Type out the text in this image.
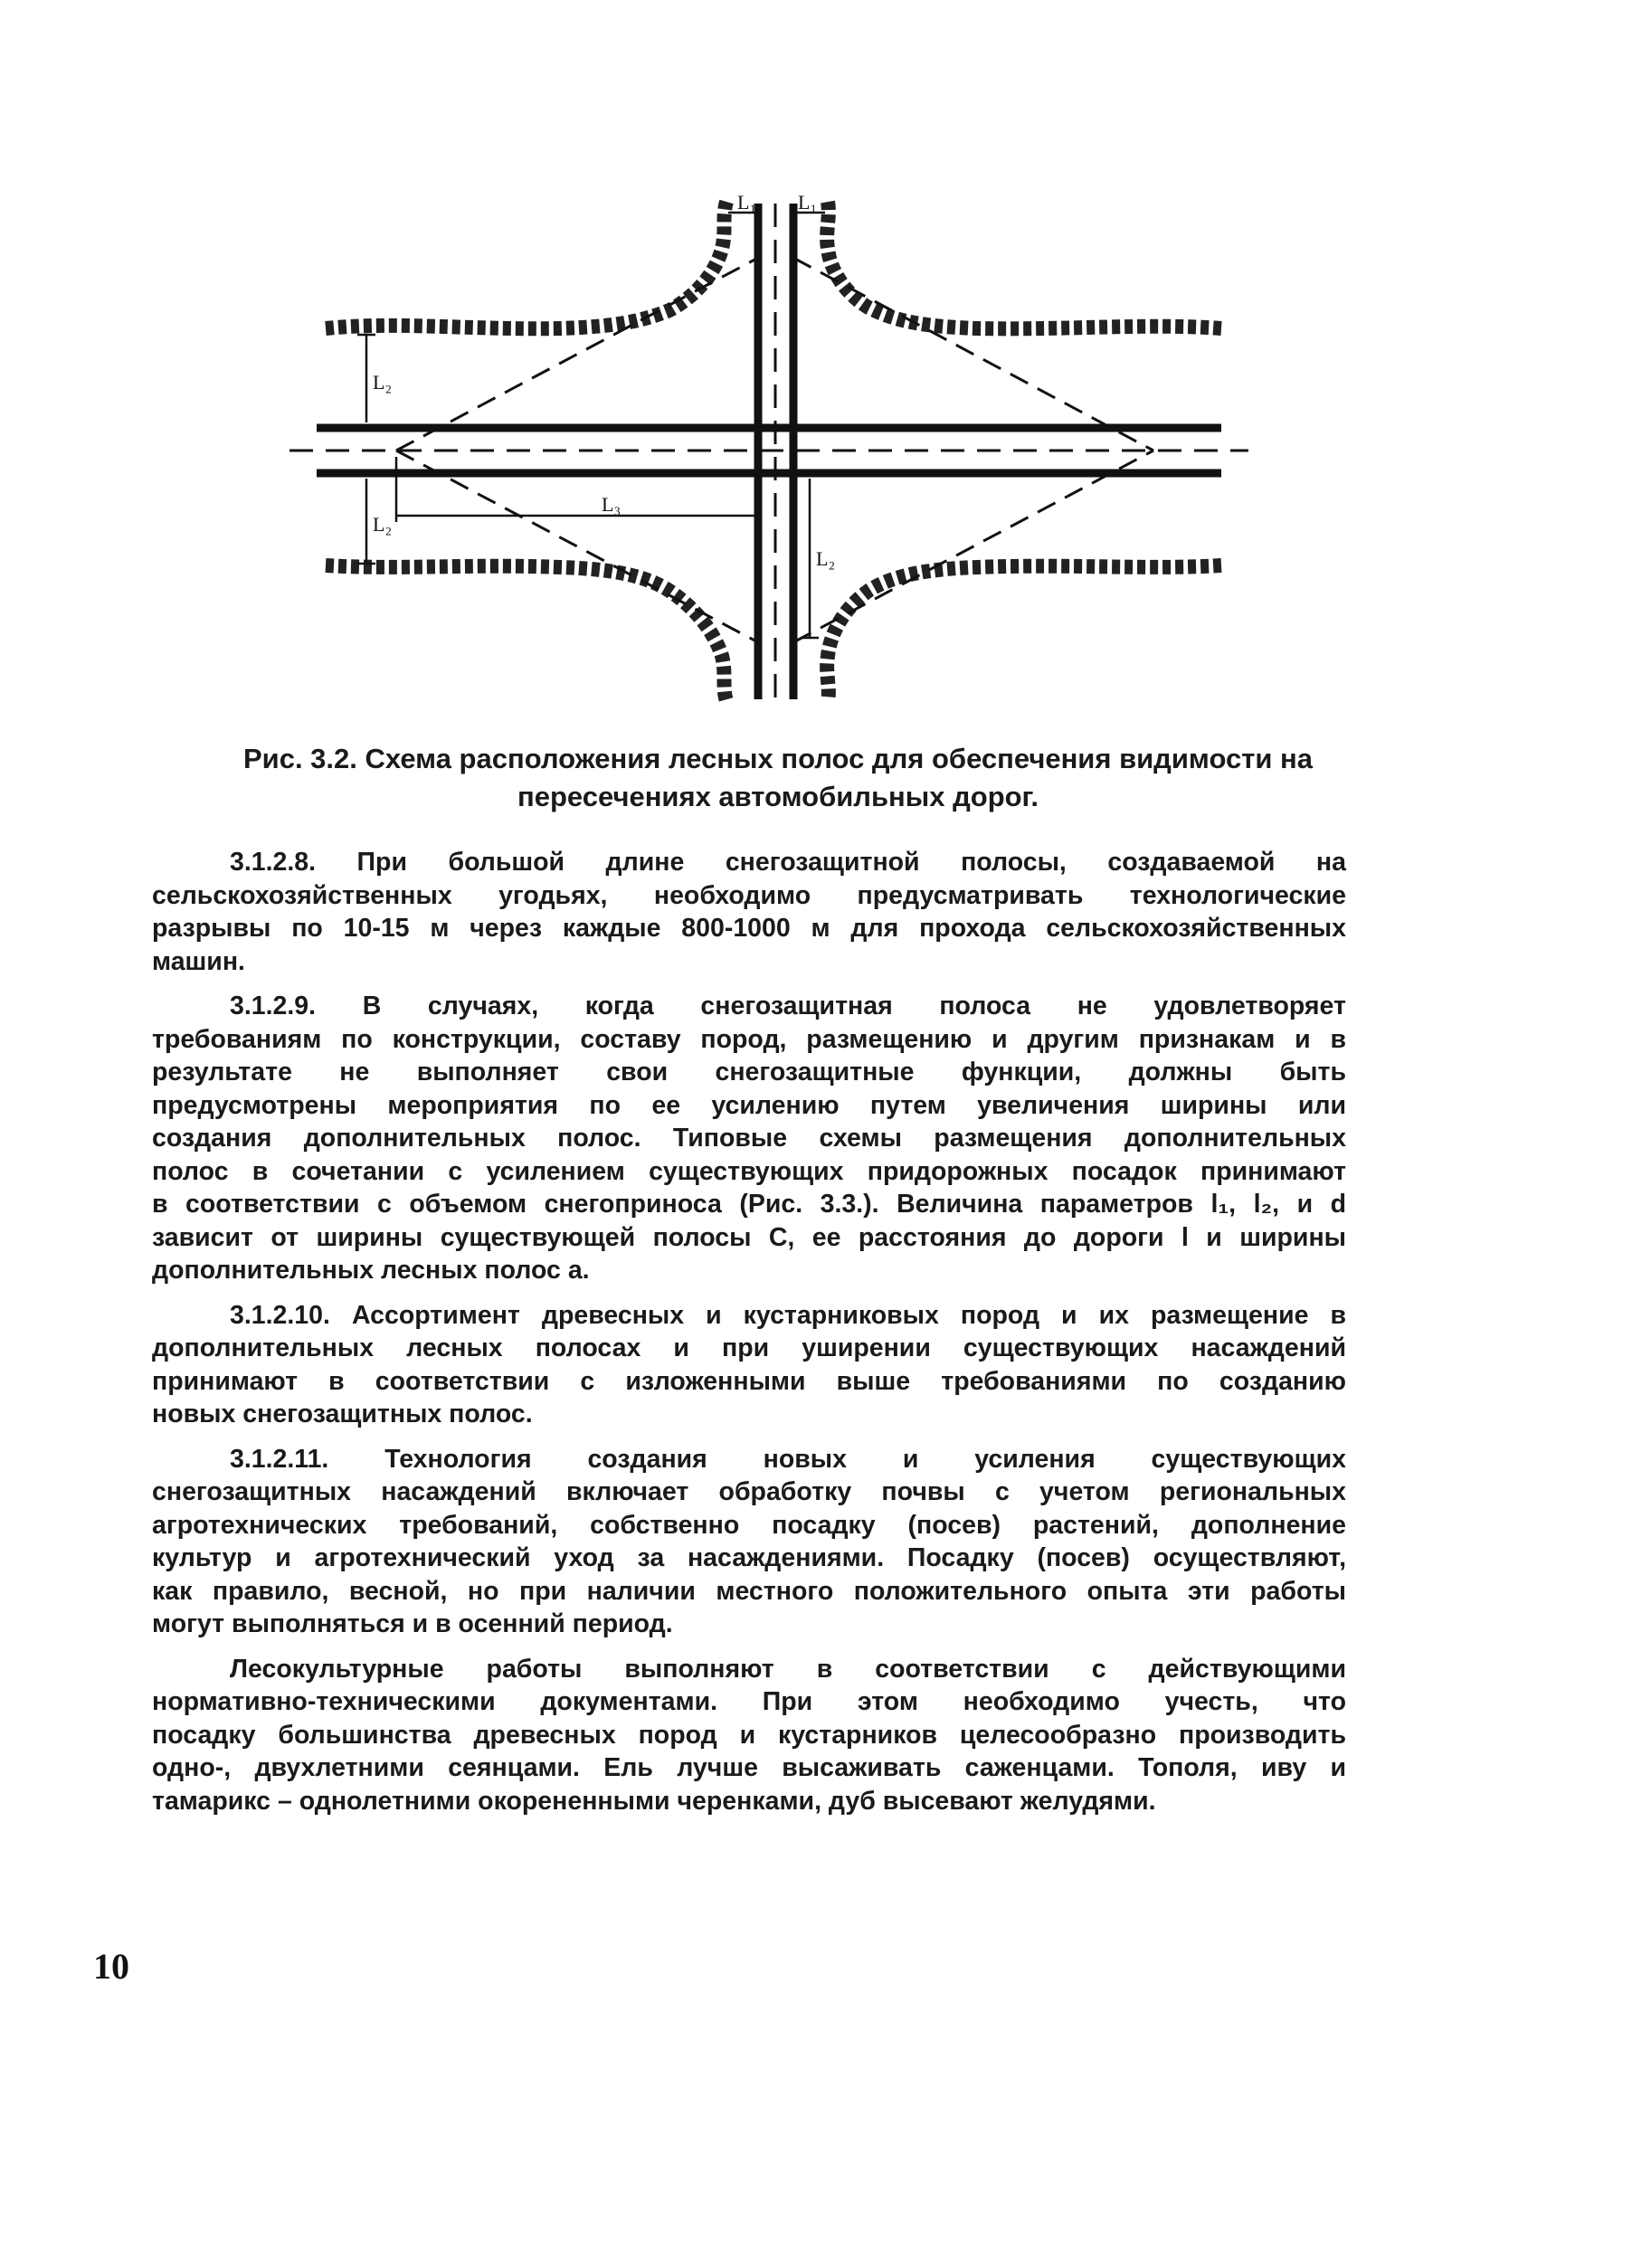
L₁ L₁
L₂
L₂
L₃
L₂
Рис. 3.2. Схема расположения лесных полос для обеспечения видимости на
пересечениях автомобильных дорог.
3.1.2.8. При большой длине снегозащитной полосы, создаваемой на
сельскохозяйственных угодьях, необходимо предусматривать технологические
разрывы по 10-15 м через каждые 800-1000 м для прохода сельскохозяйственных
машин.
3.1.2.9. В случаях, когда снегозащитная полоса не удовлетворяет
требованиям по конструкции, составу пород, размещению и другим признакам и в
результате не выполняет свои снегозащитные функции, должны быть
предусмотрены мероприятия по ее усилению путем увеличения ширины или
создания дополнительных полос. Типовые схемы размещения дополнительных
полос в сочетании с усилением существующих придорожных посадок принимают
в соответствии с объемом снегоприноса (Рис. 3.3.). Величина параметров l₁, l₂, и d
зависит от ширины существующей полосы С, ее расстояния до дороги l и ширины
дополнительных лесных полос а.
3.1.2.10. Ассортимент древесных и кустарниковых пород и их размещение в
дополнительных лесных полосах и при уширении существующих насаждений
принимают в соответствии с изложенными выше требованиями по созданию
новых снегозащитных полос.
3.1.2.11. Технология создания новых и усиления существующих
снегозащитных насаждений включает обработку почвы с учетом региональных
агротехнических требований, собственно посадку (посев) растений, дополнение
культур и агротехнический уход за насаждениями. Посадку (посев) осуществляют,
как правило, весной, но при наличии местного положительного опыта эти работы
могут выполняться и в осенний период.
Лесокультурные работы выполняют в соответствии с действующими
нормативно-техническими документами. При этом необходимо учесть, что
посадку большинства древесных пород и кустарников целесообразно производить
одно-, двухлетними сеянцами. Ель лучше высаживать саженцами. Тополя, иву и
тамарикс – однолетними окорененными черенками, дуб высевают желудями.
10
